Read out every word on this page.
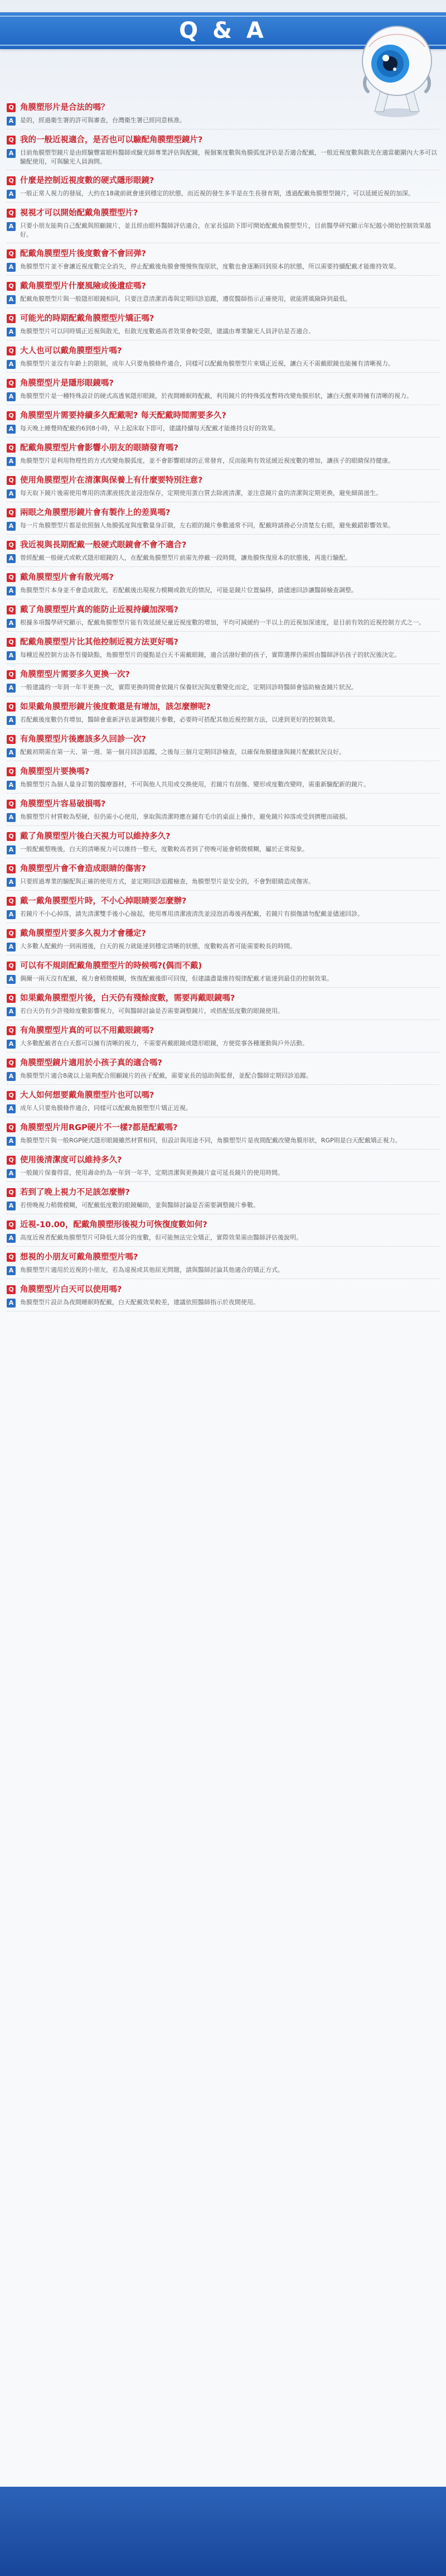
Q & A
Q 角膜塑形片是合法的嗎？
A	是的，經過衛生署的許可與審查，台灣衛生署已經同意核准。
Q 我的一般近視適合，是否也可以驗配角膜塑型鏡片?
A	目前角膜塑型鏡片是由經驗豐富眼科醫師或驗光師專業評估與配鏡，視個案度數與角膜弧度評估是否適合配戴，一般近視度數與散光在適當範圍內大多可以驗配使用，可與驗光人員詢問。
Q 什麼是控制近視度數的硬式隱形眼鏡?
A	一般正常人視力的發展，大約在18歲前就會達到穩定的狀態，而近視的發生多半是在生長發育期，透過配戴角膜塑型鏡片，可以延緩近視的加深。
Q 視視才可以開始配戴角膜塑型片?
A	只要小朋友能夠自己配戴與照顧鏡片，並且經由眼科醫師評估適合，在家長協助下即可開始配戴角膜塑型片，目前醫學研究顯示年紀越小開始控制效果越好。
Q 配戴角膜塑型片後度數會不會回弹?
A	角膜塑型片並不會讓近視度數完全消失，停止配戴後角膜會慢慢恢復原狀，度數也會逐漸回到原本的狀態，所以需要持續配戴才能維持效果。
Q 戴角膜塑型片什麼風險或後遺症嗎?
A	配戴角膜塑型片與一般隱形眼鏡相同，只要注意清潔消毒與定期回診追蹤，遵從醫師指示正確使用，就能將風險降到最低。
Q 可能光的時期配戴角膜塑型片矯正嗎?
A	角膜塑型片可以同時矯正近視與散光，但散光度數過高者效果會較受限，建議由專業驗光人員評估是否適合。
Q 大人也可以戴角膜塑型片嗎?
A	角膜塑型片並沒有年齡上的限制，成年人只要角膜條件適合，同樣可以配戴角膜塑型片來矯正近視，讓白天不需戴眼鏡也能擁有清晰視力。
Q 角膜塑型片是隱形眼鏡嗎?
A	角膜塑型片是一種特殊設計的硬式高透氧隱形眼鏡，於夜間睡眠時配戴，利用鏡片的特殊弧度暫時改變角膜形狀，讓白天醒來時擁有清晰的視力。
Q 角膜塑型片需要持續多久配戴呢? 每天配戴時間需要多久?
A	每天晚上睡覺時配戴約6到8小時，早上起床取下即可，建議持續每天配戴才能維持良好的效果。
Q 配戴角膜塑型片會影響小朋友的眼睛發育嗎?
A	角膜塑型片是利用物理性的方式改變角膜弧度，並不會影響眼球的正常發育，反而能夠有效延緩近視度數的增加，讓孩子的眼睛保持健康。
Q 使用角膜塑型片在清潔與保養上有什麼要特別注意?
A	每天取下鏡片後需使用專用的清潔液搓洗並浸泡保存，定期使用蛋白質去除液清潔，並注意鏡片盒的清潔與定期更換，避免細菌滋生。
Q 兩眼之角膜塑形鏡片會有製作上的差異嗎?
A	每一片角膜塑型片都是依照個人角膜弧度與度數量身訂做，左右眼的鏡片參數通常不同，配戴時請務必分清楚左右眼，避免戴錯影響效果。
Q 我近視與長期配戴一般硬式眼鏡會不會不適合?
A	曾經配戴一般硬式或軟式隱形眼鏡的人，在配戴角膜塑型片前需先停戴一段時間，讓角膜恢復原本的狀態後，再進行驗配。
Q 戴角膜塑型片會有散光嗎?
A	角膜塑型片本身並不會造成散光，若配戴後出現視力模糊或散光的情況，可能是鏡片位置偏移，請儘速回診讓醫師檢查調整。
Q 戴了角膜塑型片真的能防止近視持續加深嗎?
A	根據多項醫學研究顯示，配戴角膜塑型片能有效延緩兒童近視度數的增加，平均可減緩約一半以上的近視加深速度，是目前有效的近視控制方式之一。
Q 配戴角膜塑型片比其他控制近視方法更好嗎?
A	每種近視控制方法各有優缺點，角膜塑型片的優點是白天不需戴眼鏡，適合活潑好動的孩子，實際選擇仍需經由醫師評估孩子的狀況後決定。
Q 角膜塑型片需要多久更換一次?
A	一般建議約一年到一年半更換一次，實際更換時間會依鏡片保養狀況與度數變化而定，定期回診時醫師會協助檢查鏡片狀況。
Q 如果戴角膜塑形鏡片後度數還是有增加，該怎麼辦呢?
A	若配戴後度數仍有增加，醫師會重新評估並調整鏡片參數，必要時可搭配其他近視控制方法，以達到更好的控制效果。
Q 有角膜塑型片後應該多久回診一次?
A	配戴初期需在第一天、第一週、第一個月回診追蹤，之後每三個月定期回診檢查，以確保角膜健康與鏡片配戴狀況良好。
Q 角膜塑型片要換嗎?
A	角膜塑型片為個人量身訂製的醫療器材，不可與他人共用或交換使用，若鏡片有刮傷、變形或度數改變時，需重新驗配新的鏡片。
Q 角膜塑型片容易破損嗎?
A	角膜塑型片材質較為堅硬，但仍需小心使用，拿取與清潔時應在鋪有毛巾的桌面上操作，避免鏡片掉落或受到擠壓而破損。
Q 戴了角膜塑型片後白天視力可以維持多久?
A	一般配戴整晚後，白天的清晰視力可以維持一整天，度數較高者到了傍晚可能會稍微模糊，屬於正常現象。
Q 角膜塑型片會不會造成眼睛的傷害?
A	只要經過專業的驗配與正確的使用方式，並定期回診追蹤檢查，角膜塑型片是安全的，不會對眼睛造成傷害。
Q 戴一戴角膜塑型片時，不小心掉眼睛要怎麼辦?
A	若鏡片不小心掉落，請先清潔雙手後小心撿起，使用專用清潔液清洗並浸泡消毒後再配戴，若鏡片有損傷請勿配戴並儘速回診。
Q 戴角膜塑型片要多久視力才會穩定?
A	大多數人配戴約一到兩週後，白天的視力就能達到穩定清晰的狀態，度數較高者可能需要較長的時間。
Q 可以有不規則配戴角膜塑型片的時候嗎?(偶而不戴)
A	偶爾一兩天沒有配戴，視力會稍微模糊，恢復配戴後即可回復，但建議盡量維持規律配戴才能達到最佳的控制效果。
Q 如果戴角膜塑型片後，白天仍有殘餘度數，需要再戴眼鏡嗎?
A	若白天仍有少許殘餘度數影響視力，可與醫師討論是否需要調整鏡片，或搭配低度數的眼鏡使用。
Q 有角膜塑型片真的可以不用戴眼鏡嗎?
A	大多數配戴者在白天都可以擁有清晰的視力，不需要再戴眼鏡或隱形眼鏡，方便從事各種運動與戶外活動。
Q 角膜塑型鏡片適用於小孩子真的適合嗎?
A	角膜塑型片適合8歲以上能夠配合照顧鏡片的孩子配戴，需要家長的協助與監督，並配合醫師定期回診追蹤。
Q 大人如何想要戴角膜塑型片也可以嗎?
A	成年人只要角膜條件適合，同樣可以配戴角膜塑型片矯正近視。
Q 角膜塑型片用RGP硬片不一樣?都是配戴嗎?
A	角膜塑型片與一般RGP硬式隱形眼鏡雖然材質相同，但設計與用途不同，角膜塑型片是夜間配戴改變角膜形狀，RGP則是白天配戴矯正視力。
Q 使用後清潔度可以維持多久?
A	一般鏡片保養得當，使用壽命約為一年到一年半，定期清潔與更換鏡片盒可延長鏡片的使用時間。
Q 若到了晚上視力不足該怎麼辦?
A	若傍晚視力稍微模糊，可配戴低度數的眼鏡輔助，並與醫師討論是否需要調整鏡片參數。
Q 近視-10.00，配戴角膜塑形後視力可恢復度數如何?
A	高度近視者配戴角膜塑型片可降低大部分的度數，但可能無法完全矯正，實際效果需由醫師評估後說明。
Q 想視的小朋友可戴角膜塑型片嗎?
A	角膜塑型片適用於近視的小朋友，若為遠視或其他屈光問題，請與醫師討論其他適合的矯正方式。
Q 角膜塑型片白天可以使用嗎?
A	角膜塑型片設計為夜間睡眠時配戴，白天配戴效果較差，建議依照醫師指示於夜間使用。
